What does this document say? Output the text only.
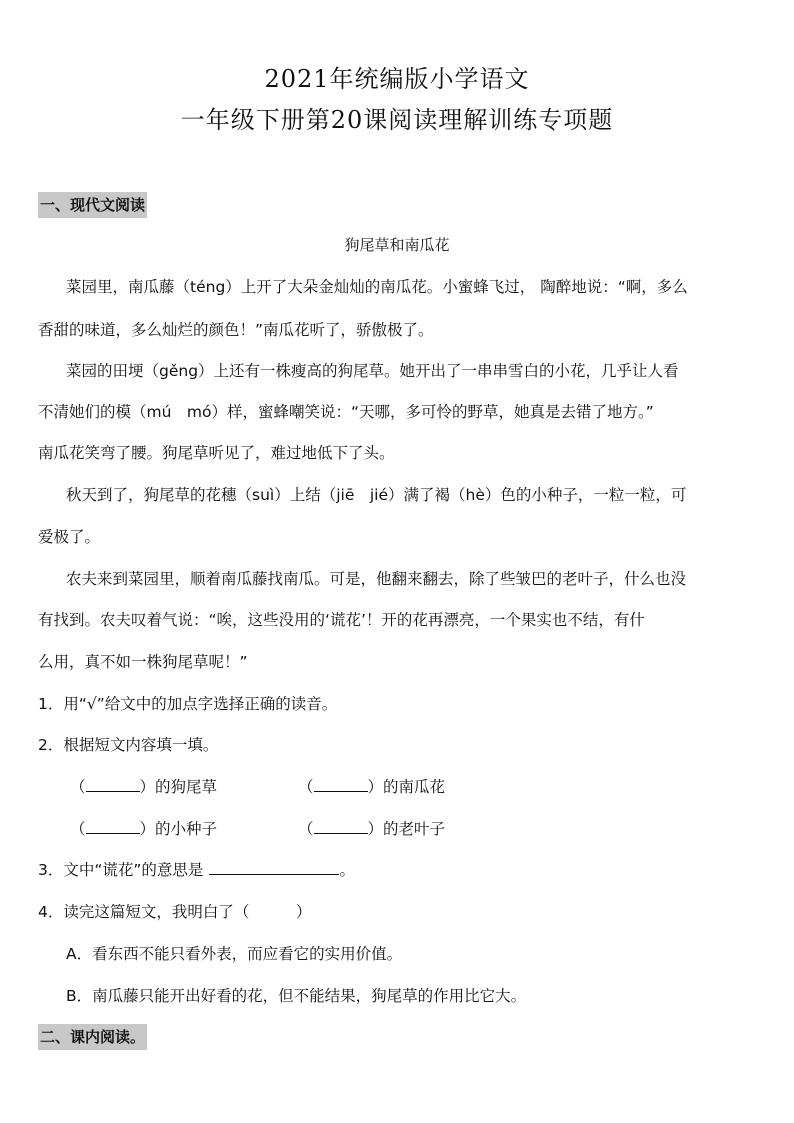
2021年统编版小学语文
一年级下册第20课阅读理解训练专项题
一、现代文阅读
狗尾草和南瓜花
菜园里，南瓜藤（téng）上开了大朵金灿灿的南瓜花。小蜜蜂飞过， 陶醉地说：“啊，多么
香甜的味道，多么灿烂的颜色！”南瓜花听了，骄傲极了。
菜园的田埂（gěng）上还有一株瘦高的狗尾草。她开出了一串串雪白的小花，几乎让人看
不清她们的模（mú　mó）样，蜜蜂嘲笑说：“天哪，多可怜的野草，她真是去错了地方。”
南瓜花笑弯了腰。狗尾草听见了，难过地低下了头。
秋天到了，狗尾草的花穗（suì）上结（jiē　jié）满了褐（hè）色的小种子，一粒一粒，可
爱极了。
农夫来到菜园里，顺着南瓜藤找南瓜。可是，他翻来翻去，除了些皱巴的老叶子，什么也没
有找到。农夫叹着气说：“唉，这些没用的‘谎花’！开的花再漂亮，一个果实也不结，有什
么用，真不如一株狗尾草呢！”
1．用“√”给文中的加点字选择正确的读音。
2．根据短文内容填一填。
（	）的狗尾草	（	）的南瓜花
（	）的小种子	（	）的老叶子
3．文中“谎花”的意思是	。
4．读完这篇短文，我明白了（　　　）
A．看东西不能只看外表，而应看它的实用价值。
B．南瓜藤只能开出好看的花，但不能结果，狗尾草的作用比它大。
二、课内阅读。
